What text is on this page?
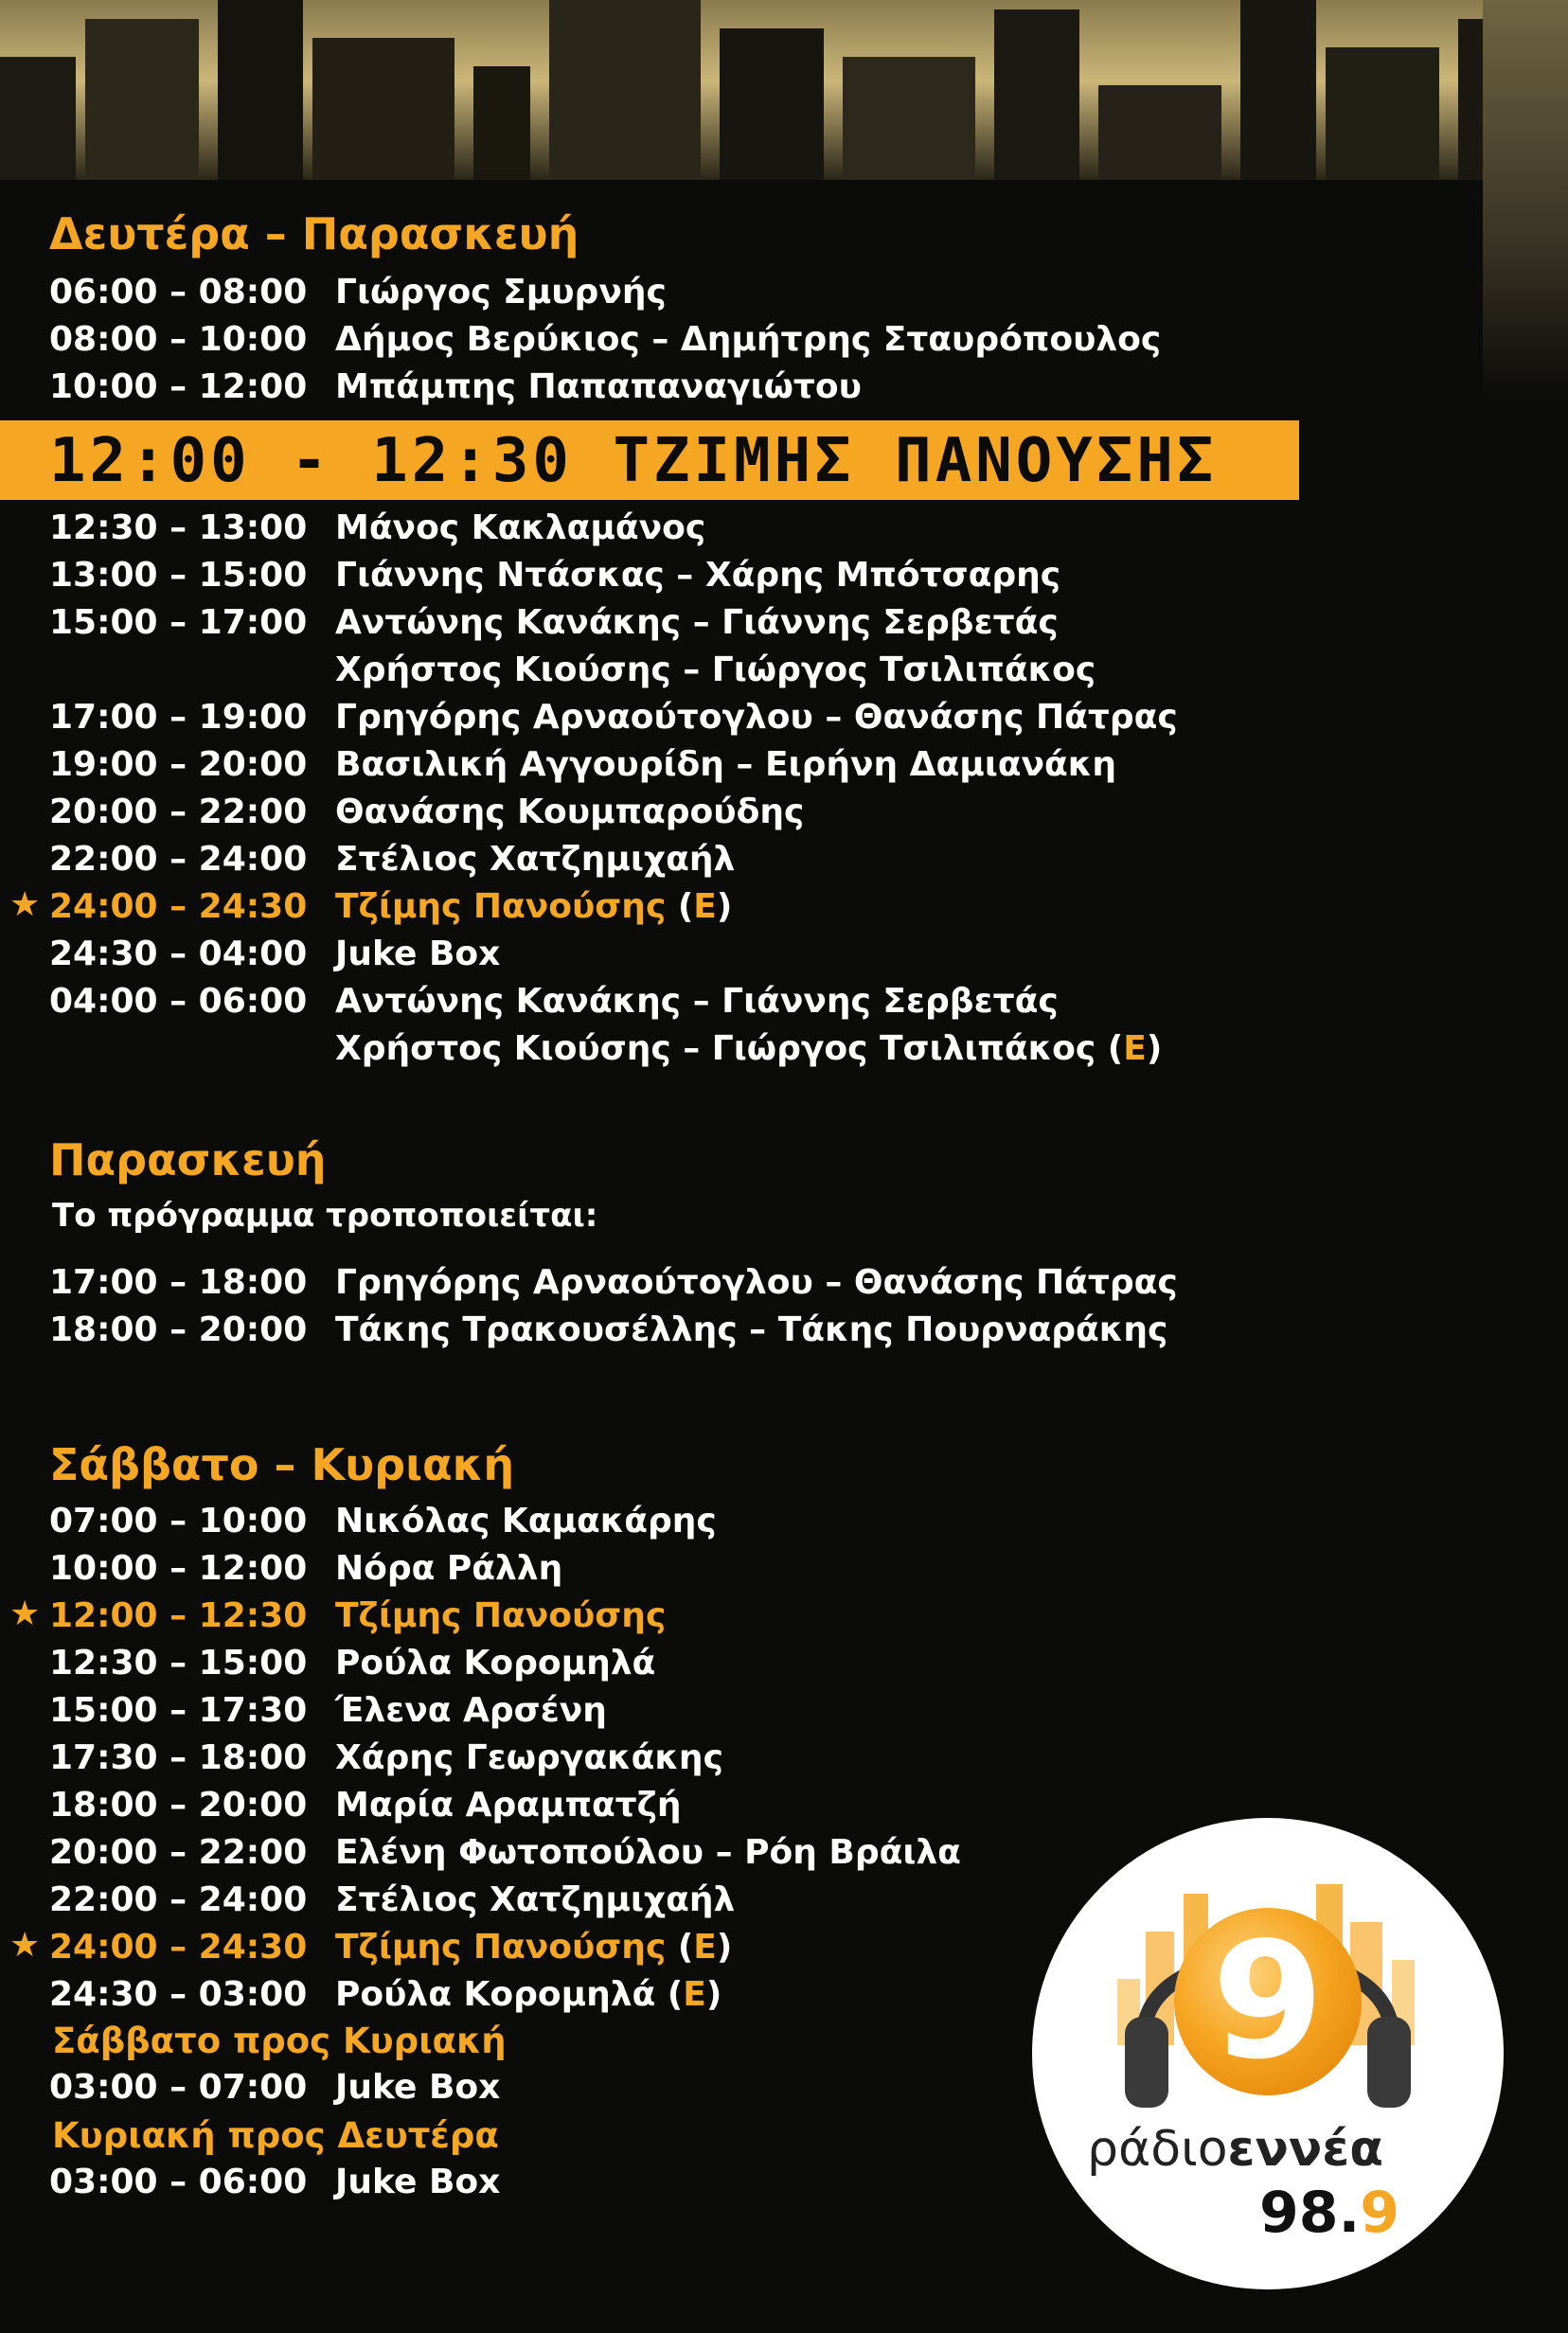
Δευτέρα – Παρασκευή
06:00 – 08:00 Γιώργος Σμυρνής
08:00 – 10:00 Δήμος Βερύκιος – Δημήτρης Σταυρόπουλος
10:00 – 12:00 Μπάμπης Παπαπαναγιώτου
12:00 - 12:30 ΤΖΙΜΗΣ ΠΑΝΟΥΣΗΣ
12:30 – 13:00 Μάνος Κακλαμάνος
13:00 – 15:00 Γιάννης Ντάσκας – Χάρης Μπότσαρης
15:00 – 17:00 Αντώνης Κανάκης – Γιάννης Σερβετάς
Χρήστος Κιούσης – Γιώργος Τσιλιπάκος
17:00 – 19:00 Γρηγόρης Αρναούτογλου – Θανάσης Πάτρας
19:00 – 20:00 Βασιλική Αγγουρίδη – Ειρήνη Δαμιανάκη
20:00 – 22:00 Θανάσης Κουμπαρούδης
22:00 – 24:00 Στέλιος Χατζημιχαήλ
★ 24:00 – 24:30 Τζίμης Πανούσης (Ε)
24:30 – 04:00 Juke Box
04:00 – 06:00 Αντώνης Κανάκης – Γιάννης Σερβετάς
Χρήστος Κιούσης – Γιώργος Τσιλιπάκος (Ε)
Παρασκευή
Το πρόγραμμα τροποποιείται:
17:00 – 18:00 Γρηγόρης Αρναούτογλου – Θανάσης Πάτρας
18:00 – 20:00 Τάκης Τρακουσέλλης – Τάκης Πουρναράκης
Σάββατο – Κυριακή
07:00 – 10:00 Νικόλας Καμακάρης
10:00 – 12:00 Νόρα Ράλλη
★ 12:00 – 12:30 Τζίμης Πανούσης
12:30 – 15:00 Ρούλα Κορομηλά
15:00 – 17:30 Έλενα Αρσένη
17:30 – 18:00 Χάρης Γεωργακάκης
18:00 – 20:00 Μαρία Αραμπατζή
20:00 – 22:00 Ελένη Φωτοπούλου – Ρόη Βράιλα
22:00 – 24:00 Στέλιος Χατζημιχαήλ
★ 24:00 – 24:30 Τζίμης Πανούσης (Ε)
24:30 – 03:00 Ρούλα Κορομηλά (Ε)
Σάββατο προς Κυριακή
03:00 – 07:00 Juke Box
Κυριακή προς Δευτέρα
03:00 – 06:00 Juke Box
9
ράδιοεννέα
98.9
